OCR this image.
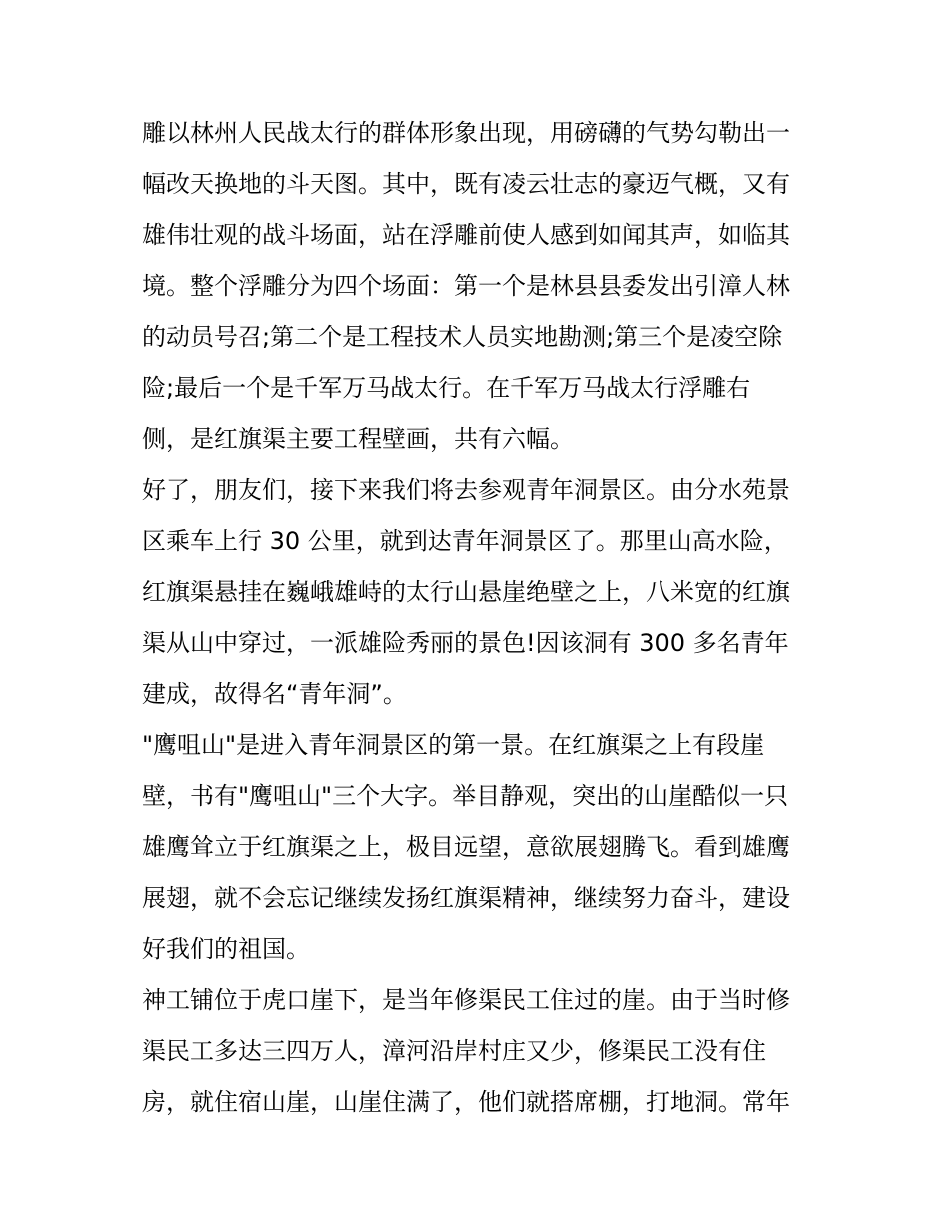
雕以林州人民战太行的群体形象出现，用磅礴的气势勾勒出一
幅改天换地的斗天图。其中，既有凌云壮志的豪迈气概，又有
雄伟壮观的战斗场面，站在浮雕前使人感到如闻其声，如临其
境。整个浮雕分为四个场面：第一个是林县县委发出引漳人林
的动员号召;第二个是工程技术人员实地勘测;第三个是凌空除
险;最后一个是千军万马战太行。在千军万马战太行浮雕右
侧，是红旗渠主要工程壁画，共有六幅。
好了，朋友们，接下来我们将去参观青年洞景区。由分水苑景
区乘车上行 30 公里，就到达青年洞景区了。那里山高水险，
红旗渠悬挂在巍峨雄峙的太行山悬崖绝壁之上，八米宽的红旗
渠从山中穿过，一派雄险秀丽的景色!因该洞有 300 多名青年
建成，故得名“青年洞”。
"鹰咀山"是进入青年洞景区的第一景。在红旗渠之上有段崖
壁，书有"鹰咀山"三个大字。举目静观，突出的山崖酷似一只
雄鹰耸立于红旗渠之上，极目远望，意欲展翅腾飞。看到雄鹰
展翅，就不会忘记继续发扬红旗渠精神，继续努力奋斗，建设
好我们的祖国。
神工铺位于虎口崖下，是当年修渠民工住过的崖。由于当时修
渠民工多达三四万人，漳河沿岸村庄又少，修渠民工没有住
房，就住宿山崖，山崖住满了，他们就搭席棚，打地洞。常年
